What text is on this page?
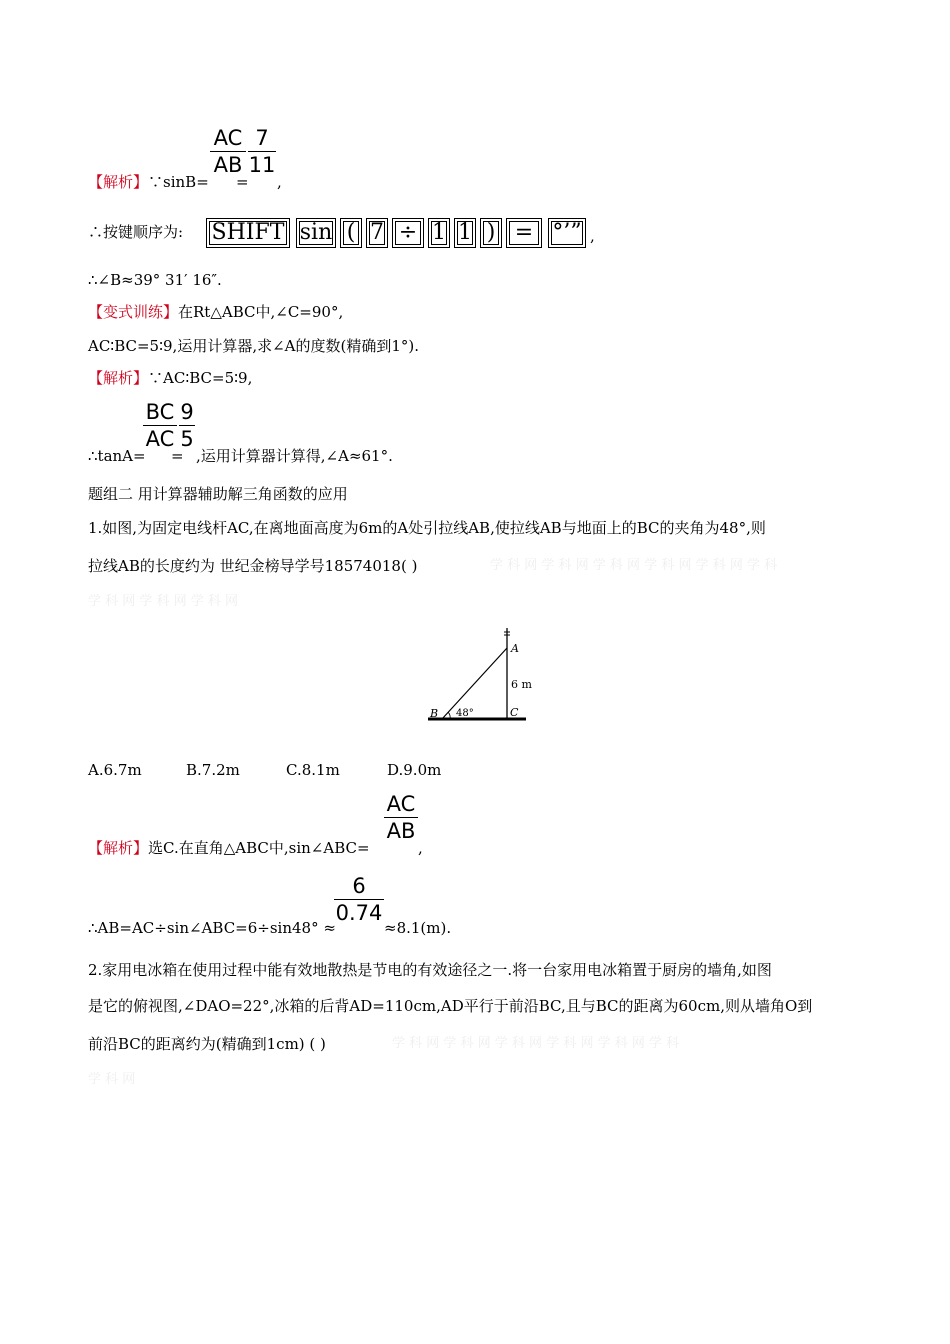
AC
AB
7
11
【解析】∵sinB= = ,
∴按键顺序为: SHIFT sin ( 7 ÷ 1 1 ) = °’” ,
∴∠B≈39° 31′ 16″.
【变式训练】在Rt△ABC中,∠C=90°,
AC∶BC=5∶9,运用计算器,求∠A的度数(精确到1°).
【解析】∵AC∶BC=5∶9,
BC
AC
9
5
∴tanA= = ,运用计算器计算得,∠A≈61°.
题组二 用计算器辅助解三角函数的应用
1.如图,为固定电线杆AC,在离地面高度为6m的A处引拉线AB,使拉线AB与地面上的BC的夹角为48°,则
拉线AB的长度约为 世纪金榜导学号18574018( )	学 科 网 学 科 网 学 科 网 学 科 网 学 科 网 学 科
学 科 网 学 科 网 学 科 网
A
B	C
48°
6 m
A.6.7m	B.7.2m	C.8.1m	D.9.0m
AC
AB
【解析】选C.在直角△ABC中,sin∠ABC=	,
6
0.74
∴AB=AC÷sin∠ABC=6÷sin48° ≈	≈8.1(m).
2.家用电冰箱在使用过程中能有效地散热是节电的有效途径之一.将一台家用电冰箱置于厨房的墙角,如图
是它的俯视图,∠DAO=22°,冰箱的后背AD=110cm,AD平行于前沿BC,且与BC的距离为60cm,则从墙角O到
前沿BC的距离约为(精确到1cm) ( )	学 科 网 学 科 网 学 科 网 学 科 网 学 科 网 学 科
学 科 网
